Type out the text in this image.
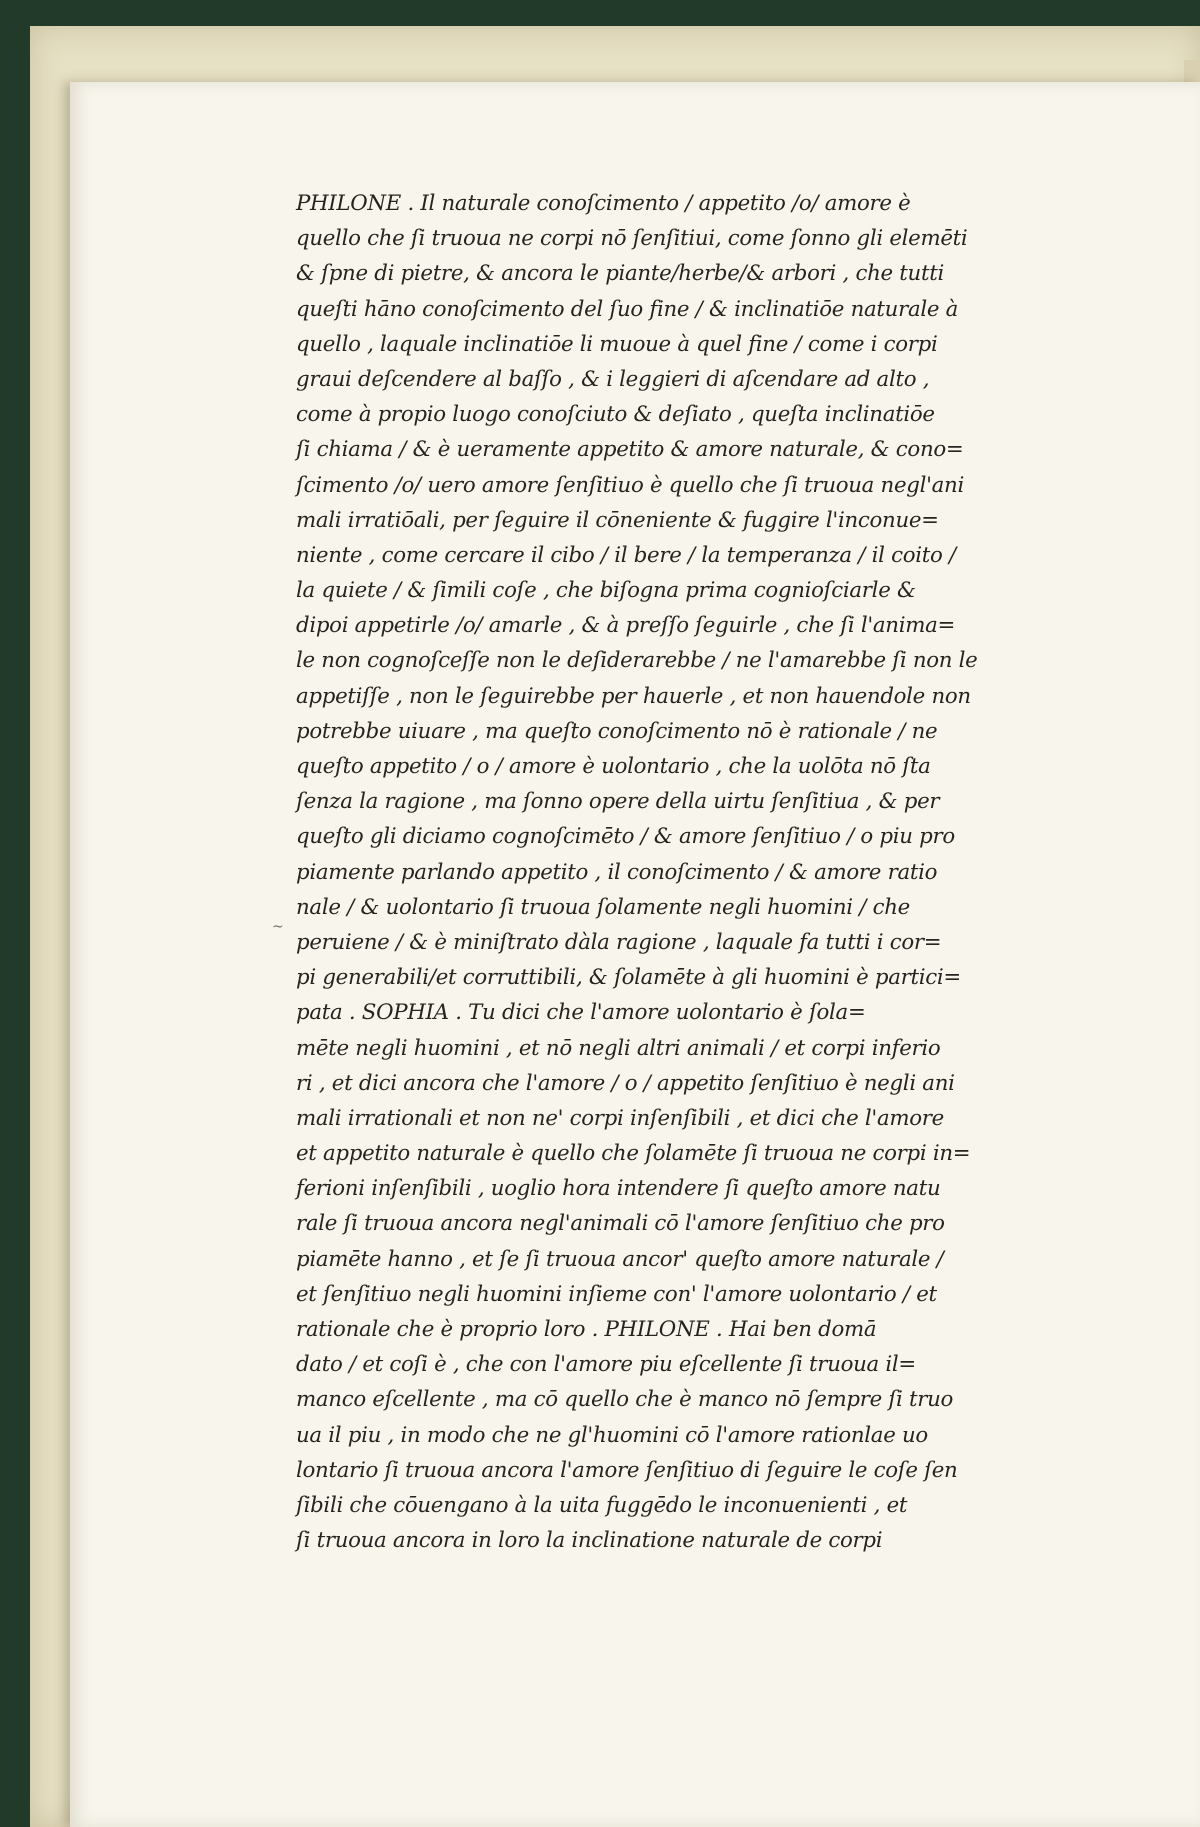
~
PHILONE . Il naturale conoſcimento / appetito /o/ amore è
quello che ſi truoua ne corpi nō ſenſitiui, come ſonno gli elemēti
& ſpne di pietre, & ancora le piante/herbe/& arbori , che tutti
queſti hāno conoſcimento del ſuo fine / & inclinatiōe naturale à
quello , laquale inclinatiōe li muoue à quel fine / come i corpi
graui deſcendere al baſſo , & i leggieri di aſcendare ad alto ,
come à propio luogo conoſciuto & deſiato , queſta inclinatiōe
ſi chiama / & è ueramente appetito & amore naturale, & cono=
ſcimento /o/ uero amore ſenſitiuo è quello che ſi truoua negl'ani
mali irratiōali, per ſeguire il cōneniente & fuggire l'inconue=
niente , come cercare il cibo / il bere / la temperanza / il coito /
la quiete / & ſimili coſe , che biſogna prima cogniоſciarle &
dipoi appetirle /o/ amarle , & à preſſo ſeguirle , che ſi l'anima=
le non cognoſceſſe non le deſiderarebbe / ne l'amarebbe ſi non le
appetiſſe , non le ſeguirebbe per hauerle , et non hauendole non
potrebbe uiuare , ma queſto conoſcimento nō è rationale / ne
queſto appetito / o / amore è uolontario , che la uolōta nō ſta
ſenza la ragione , ma ſonno opere della uirtu ſenſitiua , & per
queſto gli diciamo cognoſcimēto / & amore ſenſitiuo / o piu pro
piamente parlando appetito , il conoſcimento / & amore ratio
nale / & uolontario ſi truoua ſolamente negli huomini / che
peruiene / & è miniſtrato dàla ragione , laquale fa tutti i cor=
pi generabili/et corruttibili, & ſolamēte à gli huomini è partici=
pata . SOPHIA . Tu dici che l'amore uolontario è ſola=
mēte negli huomini , et nō negli altri animali / et corpi inferio
ri , et dici ancora che l'amore / o / appetito ſenſitiuo è negli ani
mali irrationali et non ne' corpi inſenſibili , et dici che l'amore
et appetito naturale è quello che ſolamēte ſi truoua ne corpi in=
ferioni inſenſibili , uoglio hora intendere ſi queſto amore natu
rale ſi truoua ancora negl'animali cō l'amore ſenſitiuo che pro
piamēte hanno , et ſe ſi truoua ancor' queſto amore naturale /
et ſenſitiuo negli huomini inſieme con' l'amore uolontario / et
rationale che è proprio loro . PHILONE . Hai ben domā
dato / et coſi è , che con l'amore piu eſcellente ſi truoua il=
manco eſcellente , ma cō quello che è manco nō ſempre ſi truo
ua il piu , in modo che ne gl'huomini cō l'amore rationlae uo
lontario ſi truoua ancora l'amore ſenſitiuo di ſeguire le coſe ſen
ſibili che cōuengano à la uita fuggēdo le inconuenienti , et
ſi truoua ancora in loro la inclinatione naturale de corpi
